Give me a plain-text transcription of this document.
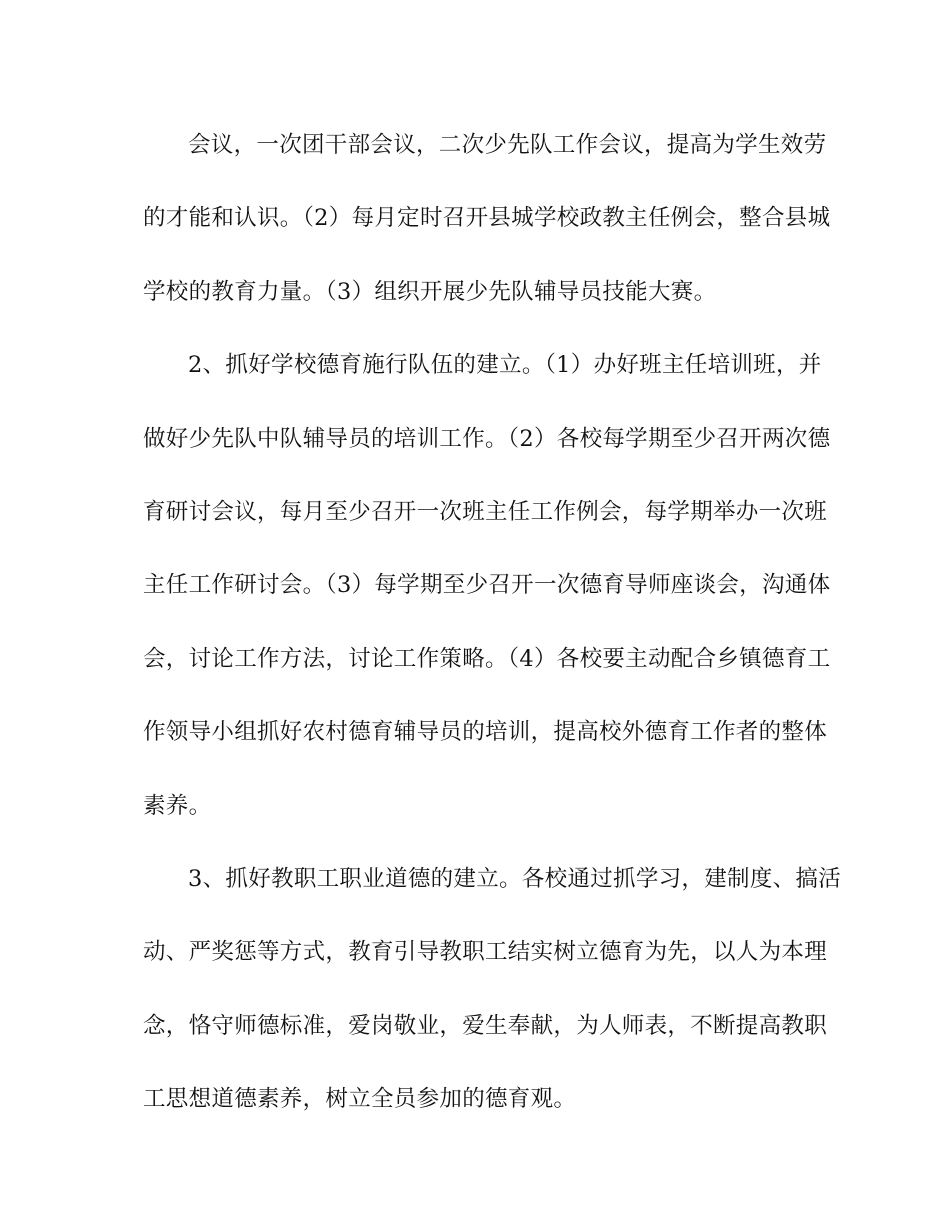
会议，一次团干部会议，二次少先队工作会议，提高为学生效劳
的才能和认识。（2）每月定时召开县城学校政教主任例会，整合县城
学校的教育力量。（3）组织开展少先队辅导员技能大赛。
2、抓好学校德育施行队伍的建立。（1）办好班主任培训班，并
做好少先队中队辅导员的培训工作。（2）各校每学期至少召开两次德
育研讨会议，每月至少召开一次班主任工作例会，每学期举办一次班
主任工作研讨会。（3）每学期至少召开一次德育导师座谈会，沟通体
会，讨论工作方法，讨论工作策略。（4）各校要主动配合乡镇德育工
作领导小组抓好农村德育辅导员的培训，提高校外德育工作者的整体
素养。
3、抓好教职工职业道德的建立。各校通过抓学习，建制度、搞活
动、严奖惩等方式，教育引导教职工结实树立德育为先，以人为本理
念，恪守师德标准，爱岗敬业，爱生奉献，为人师表，不断提高教职
工思想道德素养，树立全员参加的德育观。
